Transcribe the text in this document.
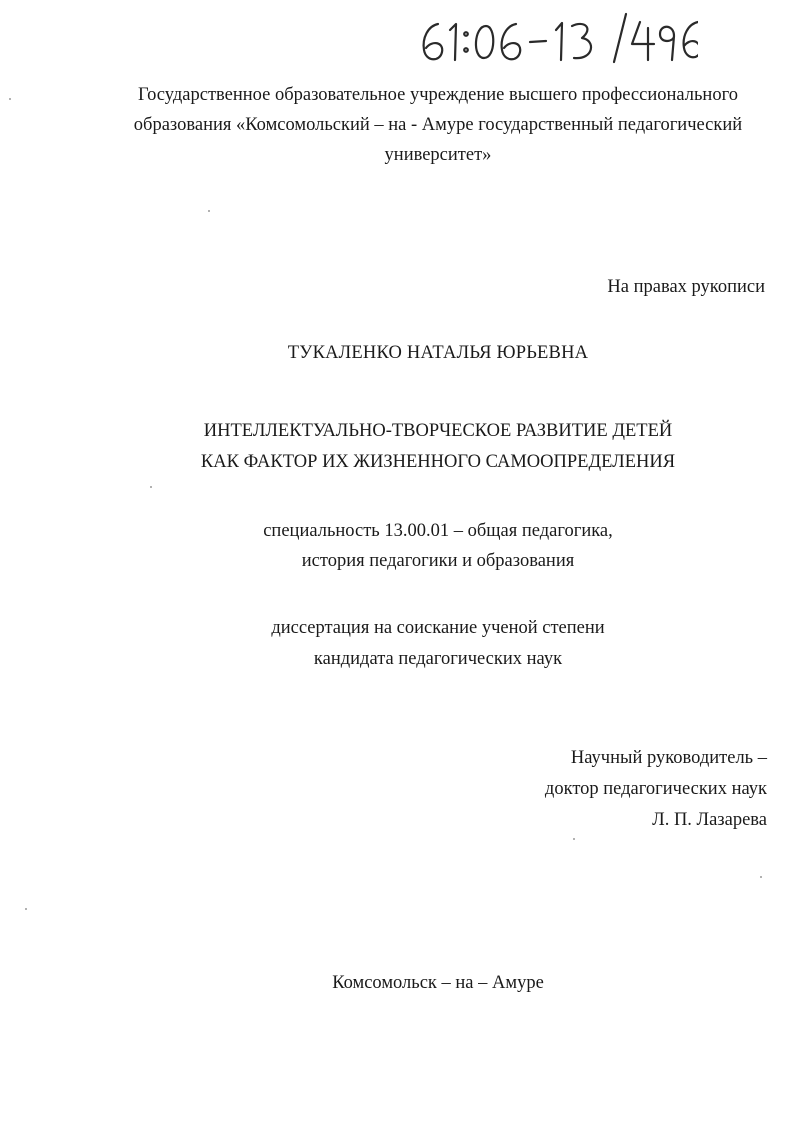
Государственное образовательное учреждение высшего профессионального
образования «Комсомольский – на - Амуре государственный педагогический
университет»
На правах рукописи
ТУКАЛЕНКО НАТАЛЬЯ ЮРЬЕВНА
ИНТЕЛЛЕКТУАЛЬНО-ТВОРЧЕСКОЕ РАЗВИТИЕ ДЕТЕЙ
КАК ФАКТОР ИХ ЖИЗНЕННОГО САМООПРЕДЕЛЕНИЯ
специальность 13.00.01 – общая педагогика,
история педагогики и образования
диссертация на соискание ученой степени
кандидата педагогических наук
Научный руководитель –
доктор педагогических наук
Л. П. Лазарева
Комсомольск – на – Амуре
